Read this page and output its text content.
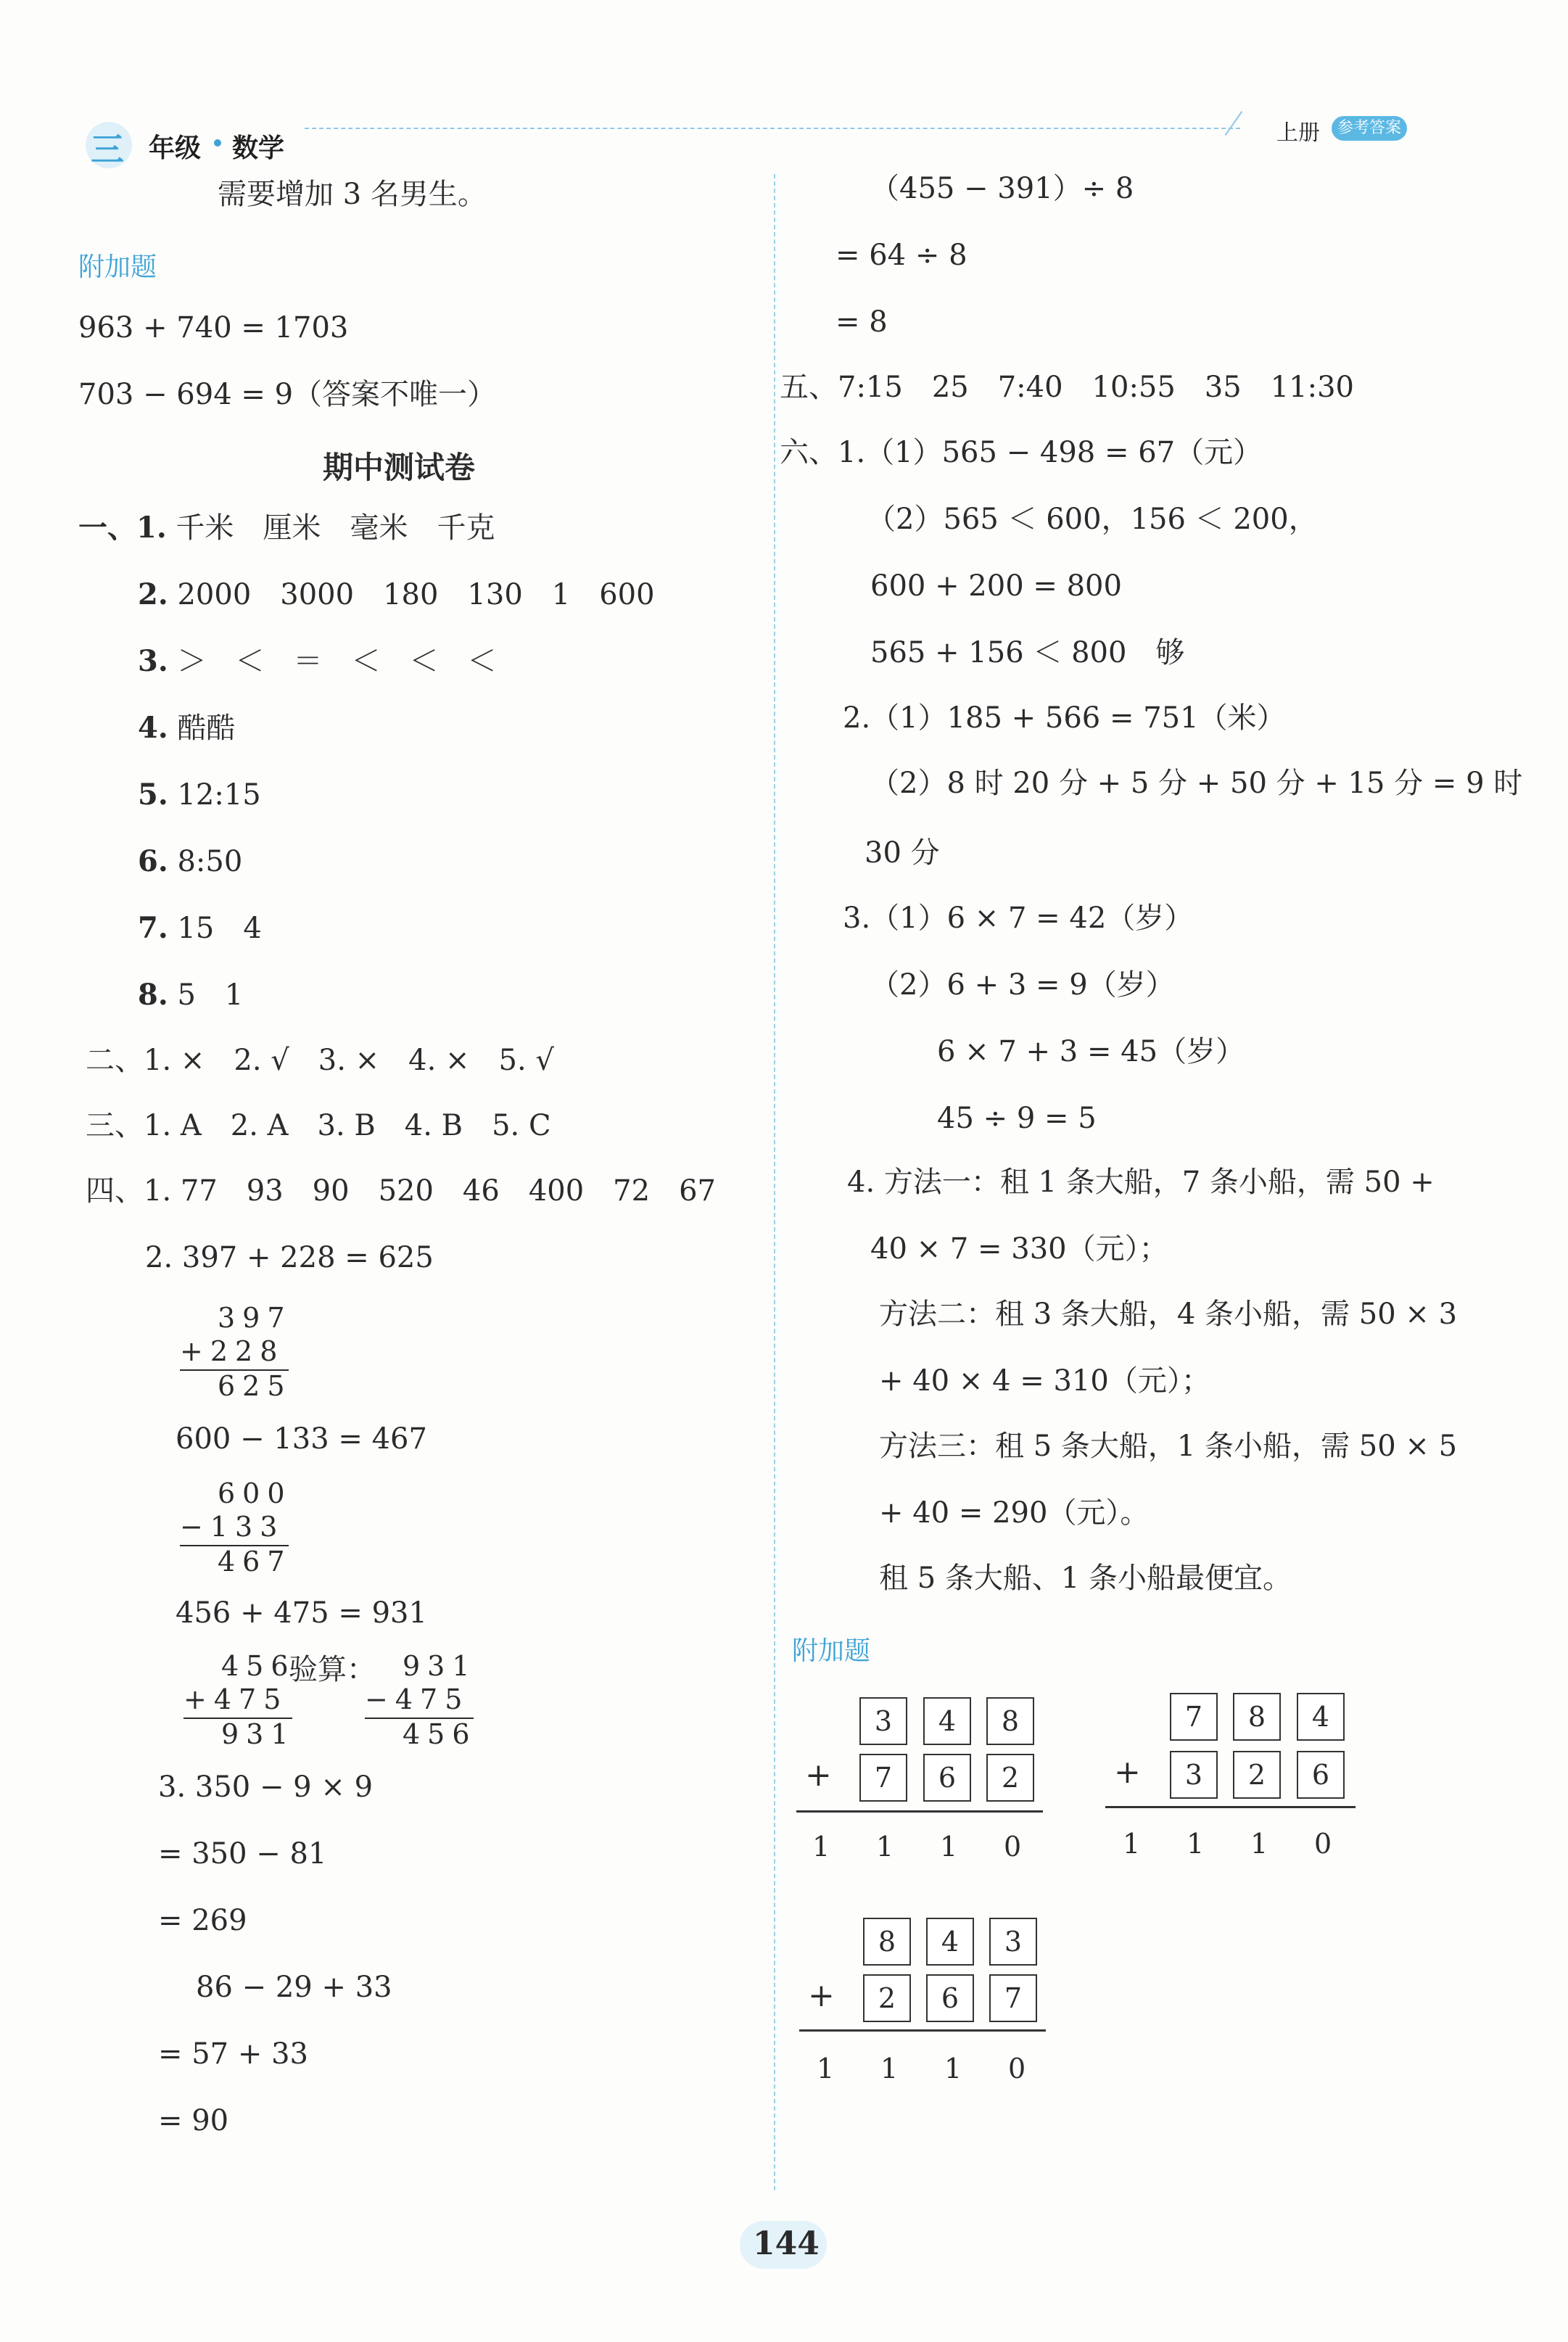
三 年级 数学
上册	参考答案
需要增加 3 名男生。
附加题
963 + 740 = 1703
703 − 694 = 9（答案不唯一）
期中测试卷
一、1. 千米　厘米　毫米　千克
2. 2000　3000　180　130　1　600
3. ＞　＜　＝　＜　＜　＜
4. 酷酷
5. 12:15
6. 8:50
7. 15　4
8. 5　1
二、1. ×　2. √　3. ×　4. ×　5. √
三、1. A　2. A　3. B　4. B　5. C
四、1. 77　93　90　520　46　400　72　67
2. 397 + 228 = 625
397
+228
625
600 − 133 = 467
600
−133
467
456 + 475 = 931
456
验算：
+475
931
931
−475
456
3. 350 − 9 × 9
= 350 − 81
= 269
86 − 29 + 33
= 57 + 33
= 90
（455 − 391）÷ 8
= 64 ÷ 8
= 8
五、7:15　25　7:40　10:55　35　11:30
六、1.（1）565 − 498 = 67（元）
（2）565 ＜ 600，156 ＜ 200，
600 + 200 = 800
565 + 156 ＜ 800　够
2.（1）185 + 566 = 751（米）
（2）8 时 20 分 + 5 分 + 50 分 + 15 分 = 9 时
30 分
3.（1）6 × 7 = 42（岁）
（2）6 + 3 = 9（岁）
6 × 7 + 3 = 45（岁）
45 ÷ 9 = 5
4. 方法一：租 1 条大船，7 条小船，需 50 +
40 × 7 = 330（元）；
方法二：租 3 条大船，4 条小船，需 50 × 3
+ 40 × 4 = 310（元）；
方法三：租 5 条大船，1 条小船，需 50 × 5
+ 40 = 290（元）。
租 5 条大船、1 条小船最便宜。
附加题
3	4	8
+	7	6	2
1 1 1 0
7	8	4
+	3	2	6
1 1 1 0
8	4	3
+	2	6	7
1 1 1 0
144
